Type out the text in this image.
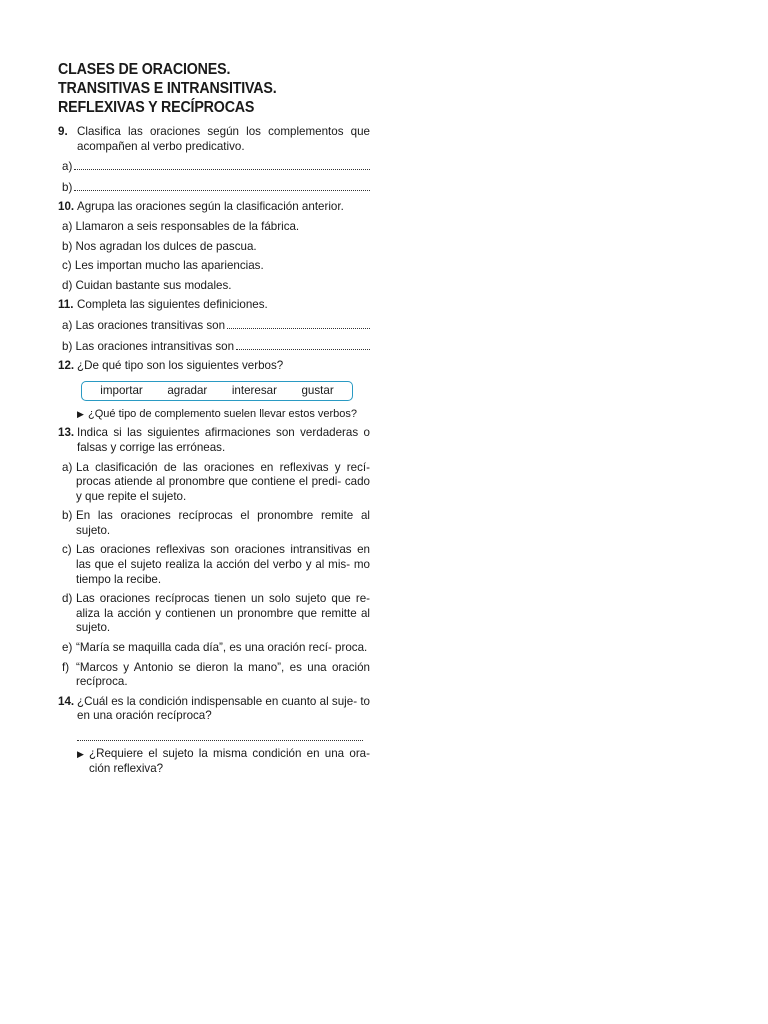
CLASES DE ORACIONES.
TRANSITIVAS E INTRANSITIVAS.
REFLEXIVAS Y RECÍPROCAS
9. Clasifica las oraciones según los complementos que acompañen al verbo predicativo.
a)
b)
10. Agrupa las oraciones según la clasificación anterior.
a) Llamaron a seis responsables de la fábrica.
b) Nos agradan los dulces de pascua.
c) Les importan mucho las apariencias.
d) Cuidan bastante sus modales.
11. Completa las siguientes definiciones.
a) Las oraciones transitivas son
b) Las oraciones intransitivas son
12. ¿De qué tipo son los siguientes verbos?
importar agradar interesar gustar
▶ ¿Qué tipo de complemento suelen llevar estos verbos?
13. Indica si las siguientes afirmaciones son verdaderas o falsas y corrige las erróneas.
a) La clasificación de las oraciones en reflexivas y recí- procas atiende al pronombre que contiene el predi- cado y que repite el sujeto.
b) En las oraciones recíprocas el pronombre remite al sujeto.
c) Las oraciones reflexivas son oraciones intransitivas en las que el sujeto realiza la acción del verbo y al mis- mo tiempo la recibe.
d) Las oraciones recíprocas tienen un solo sujeto que re- aliza la acción y contienen un pronombre que remitte al sujeto.
e) “María se maquilla cada día”, es una oración recí- proca.
f) “Marcos y Antonio se dieron la mano”, es una oración recíproca.
14. ¿Cuál es la condición indispensable en cuanto al suje- to en una oración recíproca?
▶ ¿Requiere el sujeto la misma condición en una ora- ción reflexiva?
